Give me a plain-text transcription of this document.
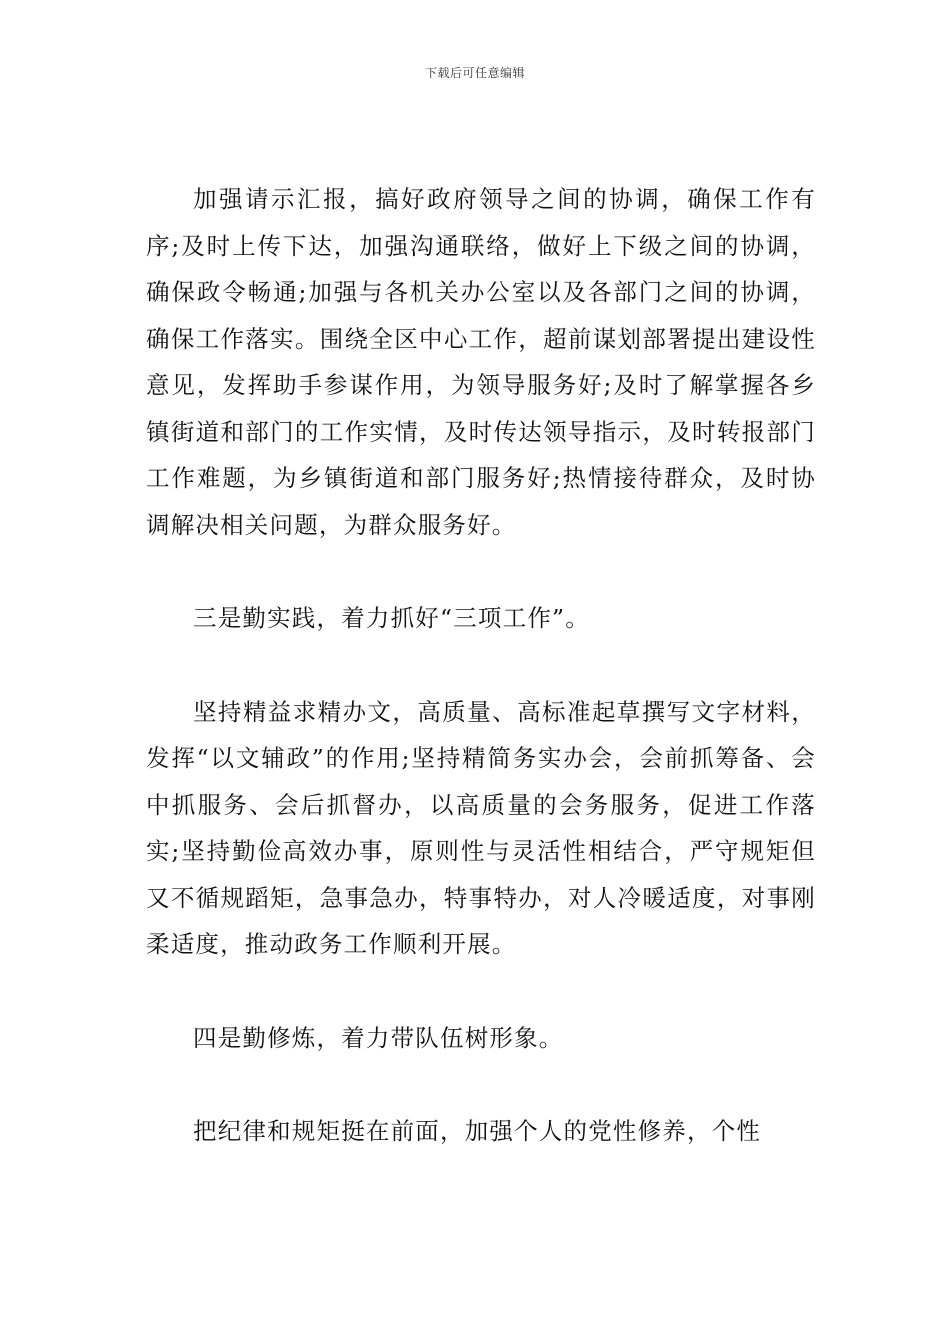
下载后可任意编辑

加强请示汇报，搞好政府领导之间的协调，确保工作有序;及时上传下达，加强沟通联络，做好上下级之间的协调，确保政令畅通;加强与各机关办公室以及各部门之间的协调，确保工作落实。围绕全区中心工作，超前谋划部署提出建设性意见，发挥助手参谋作用，为领导服务好;及时了解掌握各乡镇街道和部门的工作实情，及时传达领导指示，及时转报部门工作难题，为乡镇街道和部门服务好;热情接待群众，及时协调解决相关问题，为群众服务好。

三是勤实践，着力抓好“三项工作”。

坚持精益求精办文，高质量、高标准起草撰写文字材料，发挥“以文辅政”的作用;坚持精简务实办会，会前抓筹备、会中抓服务、会后抓督办，以高质量的会务服务，促进工作落实;坚持勤俭高效办事，原则性与灵活性相结合，严守规矩但又不循规蹈矩，急事急办，特事特办，对人冷暖适度，对事刚柔适度，推动政务工作顺利开展。

四是勤修炼，着力带队伍树形象。

把纪律和规矩挺在前面，加强个人的党性修养，个性
